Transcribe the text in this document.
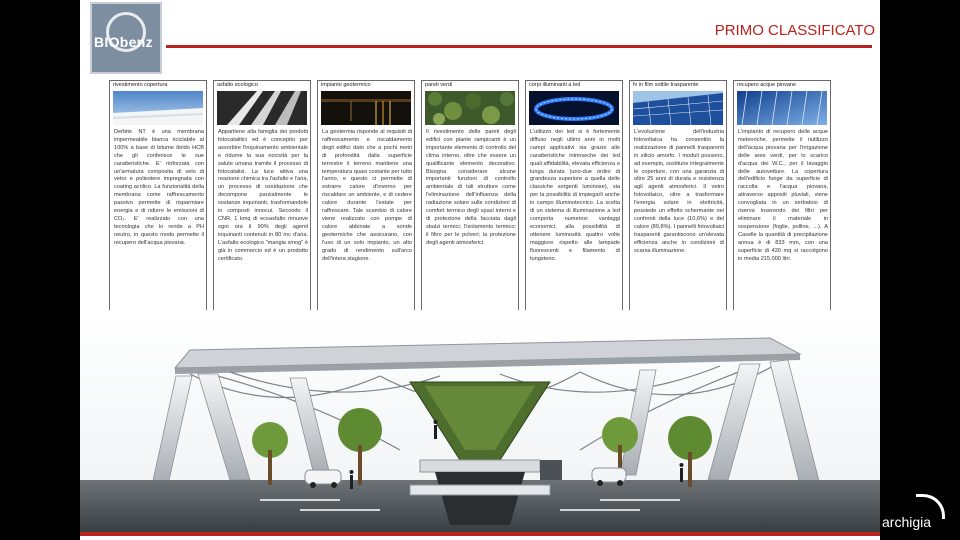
BIObenz
PRIMO CLASSIFICATO
rivestimento copertura
Derbite NT è una membrana impermeabile bianca riciclabile al 100% a base di bitume ibrido HCB che gli conferisce le sue caratteristiche. E' rinforzata con un'armatura composita di velo di vetro e poliestere impregnata con coating acrilico. La funzionalità della membrana come raffrescamento passivo permette di risparmiare energia e di ridurre le emissioni di CO₂. E' realizzato con una tecnologia che lo rende a PH neutro, in questo modo permette il recupero dell'acqua piovana.
asfalto ecologico
Appartiene alla famiglia dei prodotti fotocatalitici ed è concepito per assorbire l'inquinamento ambientale e ridurne la sua nocività per la salute umana tramite il processo di fotocatalisi. La luce attiva una reazione chimica tra l'asfalto e l'aria, un processo di ossidazione che decompone parzialmente le sostanze inquinanti, trasformandole in composti innocui. Secondo il CNR, 1 kmq di ecoasfalto rimuove ogni ora il 90% degli agenti inquinanti contenuti in 80 mc d'aria. L'asfalto ecologico "mangia smog" è già in commercio ed è un prodotto certificato.
impianto geotermico
La geotermia risponde al requisiti di raffrescamento e riscaldamento degli edifici dato che a pochi metri di profondità dalla superficie terrestre il terreno mantiene una temperatura quasi costante per tutto l'anno, e questo ci permette di estrarre calore d'inverno per riscaldare un ambiente, e di cedere calore durante l'estate per raffrescare. Tale scambio di calore viene realizzato con pompe di calore abbinate a sonde geotermiche che assicurano, con l'uso di un solo impianto, un alto grado di rendimento sull'arco dell'intera stagione.
pareti verdi
Il rivestimento delle pareti degli edifici con piante rampicanti è un importante elemento di controllo del clima interno, oltre che essere un qualificante elemento decorativo. Bisogna considerare alcune importanti funzioni di controllo ambientale di tali strutture come l'eliminazione dell'influenza della radiazione solare sulle condizioni di comfort termico degli spazi interni e di protezione della facciata dagli sbalzi termici; l'isolamento termico; il filtro per le polveri; la protezione degli agenti atmosferici.
corpi illuminanti a led
L'utilizzo dei led si è fortemente diffuso negli ultimi anni in molti campi applicativi sia grazie alle caratteristiche intrinseche dei led quali affidabilità, elevata efficienza e lunga durata (uno-due ordini di grandezza superiore a quella delle classiche sorgenti luminose), sia per la possibilità di impiegarli anche in campo illuminotecnico. La scelta di un sistema di illuminazione a led comporta numerosi vantaggi economici, alla possibilità di ottenere luminosità quattro volte maggiore rispetto alle lampade fluorescenti e filamento di tungsteno.
fv in film sottile trasparente
L'evoluzione dell'industria fotovoltaica ha consentito la realizzazione di pannelli trasparenti in silicio amorfo. I moduli possono, ad esempio, sostituire integralmente le coperture, con una garanzia di oltre 25 anni di durata e resistenza agli agenti atmosferici. Il vetro fotovoltaico, oltre a trasformare l'energia solare in elettricità, possiede un effetto schermante nei confronti della luce (10,6%) e del calore (89,8%). I pannelli fotovoltaici trasparenti garantiscono un'elevata efficienza anche in condizioni di scarsa illuminazione.
recupero acque piovane
L'impianto di recupero delle acque meteoriche, permette il riutilizzo dell'acqua piovana per l'irrigazione delle aree verdi, per lo scarico d'acqua dei W.C., per il lavaggio delle autovetture. La copertura dell'edificio funge da superficie di raccolta e l'acqua piovana, attraverso appositi pluviali, viene convogliata in un serbatoio di riserva inserendo dei filtri per eliminare il materiale in sospensione (foglie, polline, ...). A Caselle la quantità di precipitazione annua è di 833 mm, con una superficie di 430 mq si raccolgono in media 215.000 litri.
archigia
